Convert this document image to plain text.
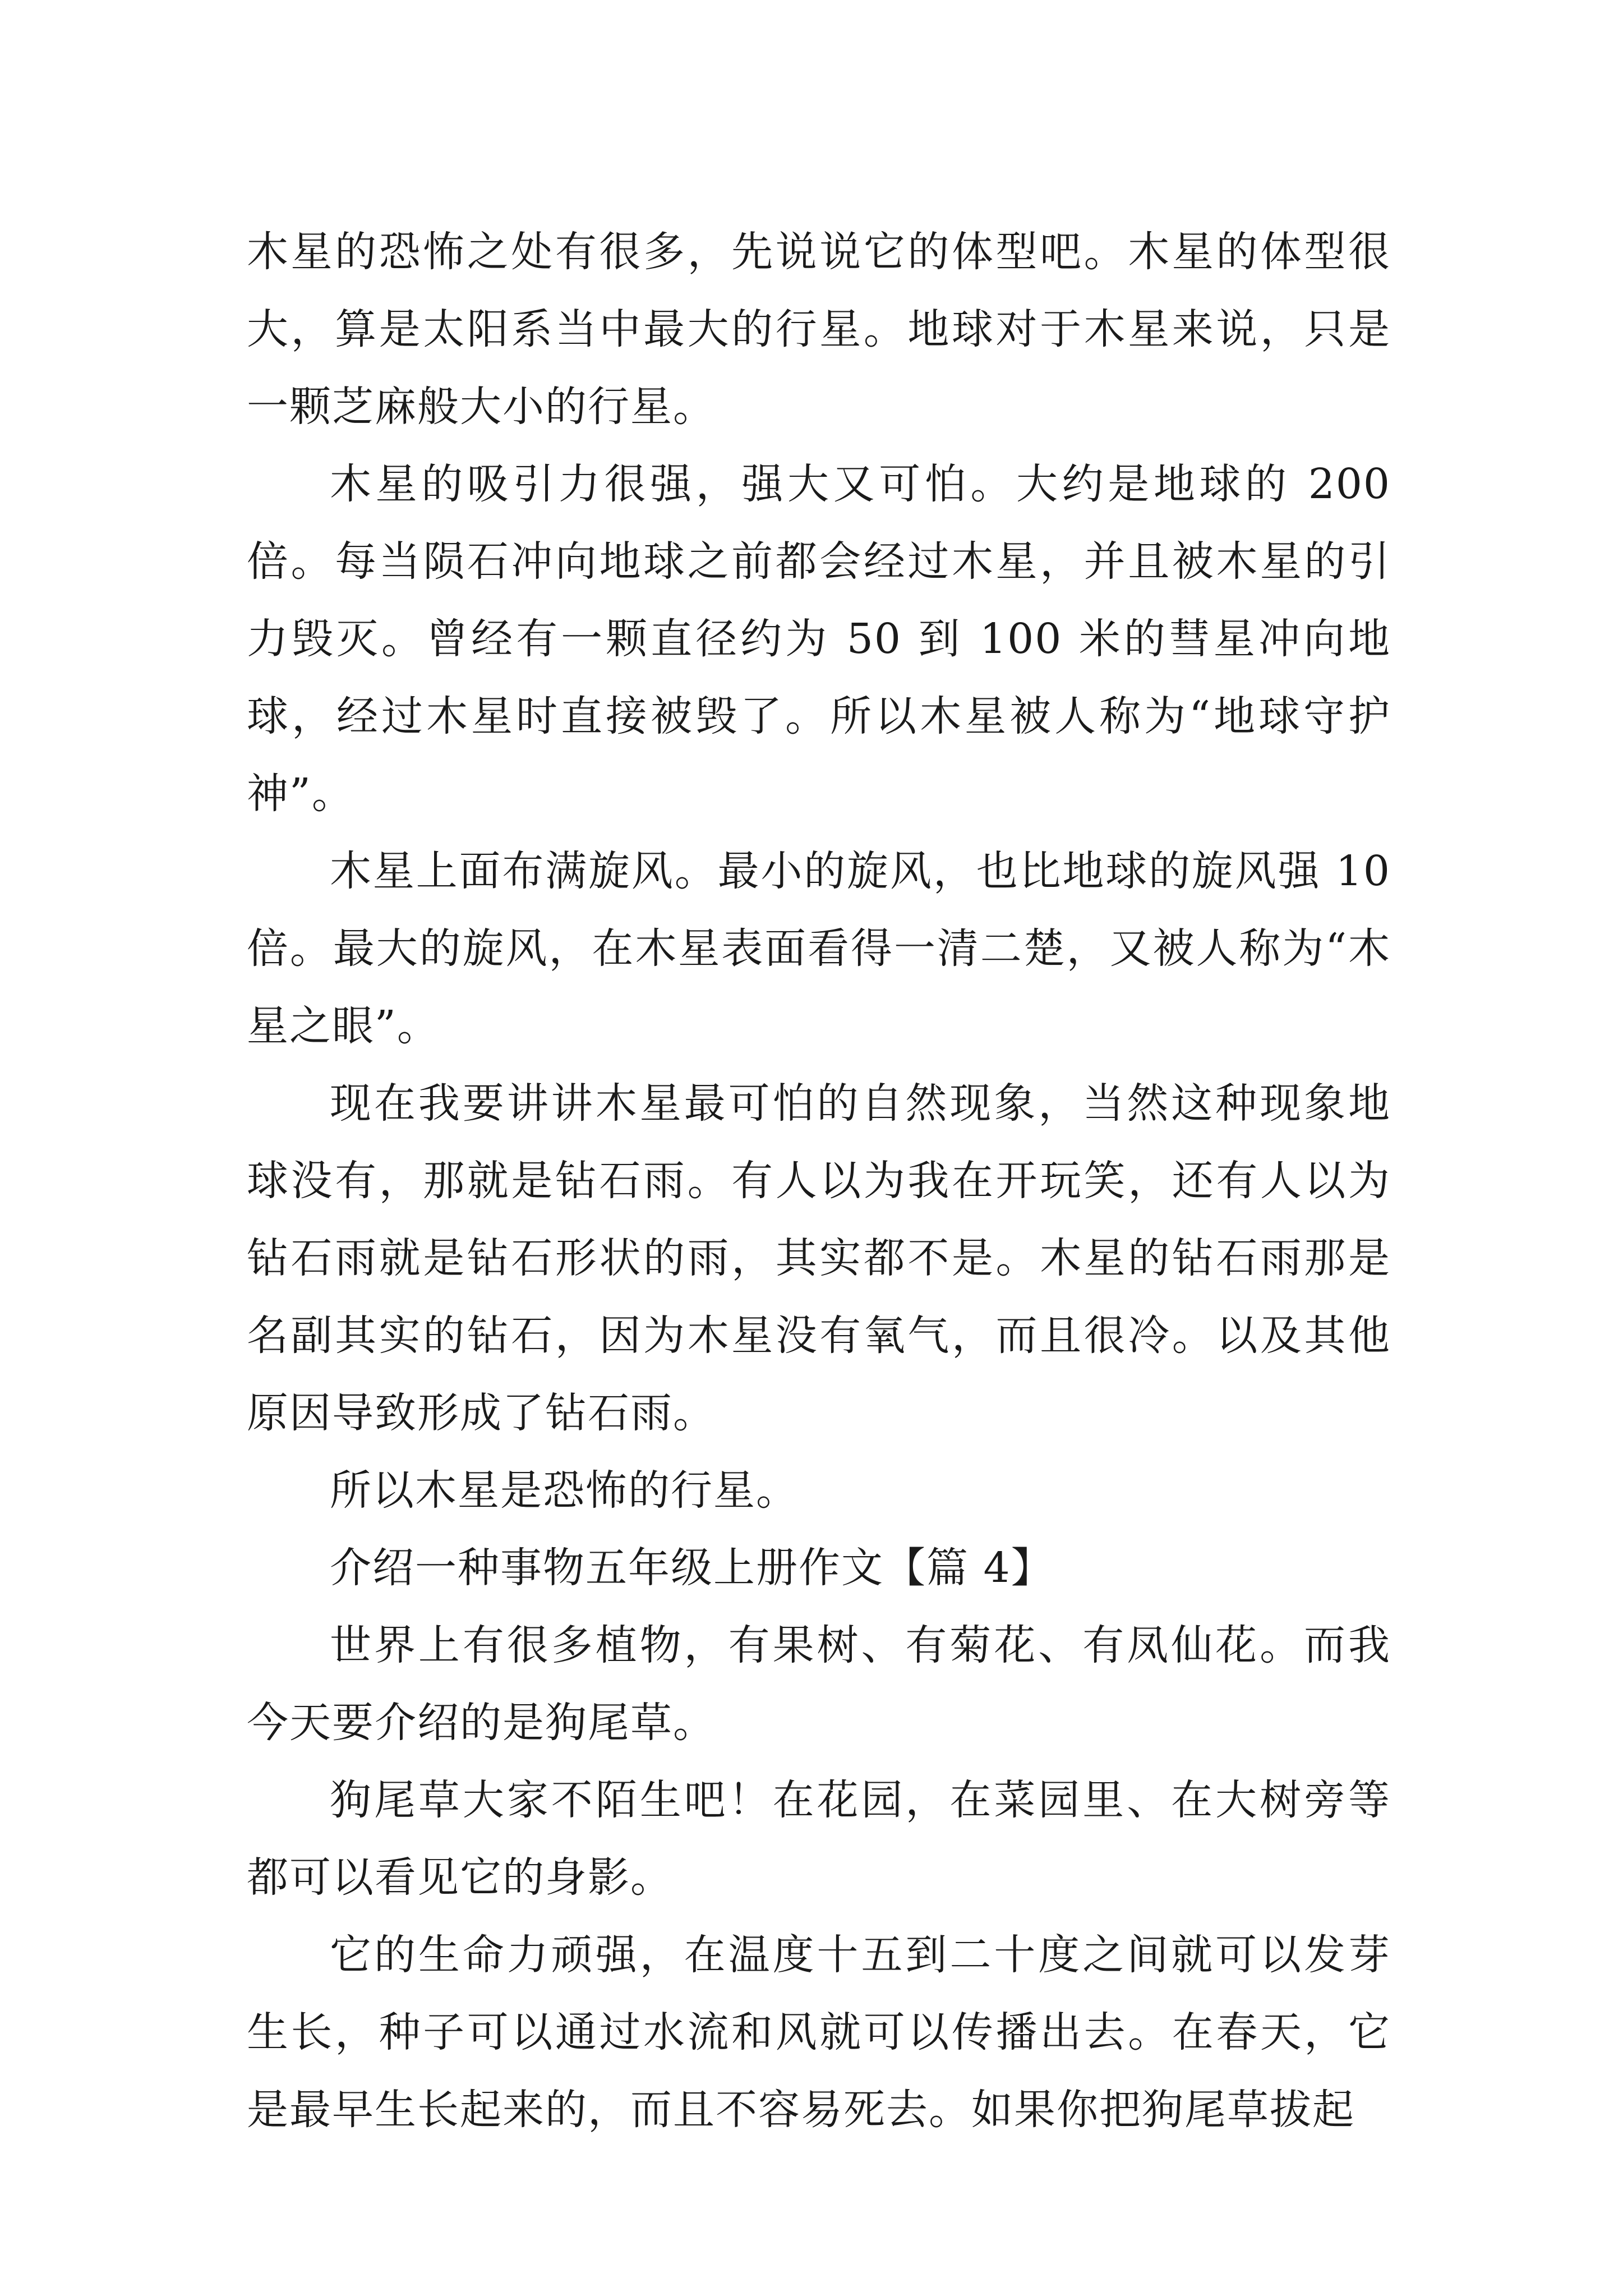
木星的恐怖之处有很多，先说说它的体型吧。木星的体型很大，算是太阳系当中最大的行星。地球对于木星来说，只是一颗芝麻般大小的行星。

木星的吸引力很强，强大又可怕。大约是地球的 200 倍。每当陨石冲向地球之前都会经过木星，并且被木星的引力毁灭。曾经有一颗直径约为 50 到 100 米的彗星冲向地球，经过木星时直接被毁了。所以木星被人称为“地球守护神”。

木星上面布满旋风。最小的旋风，也比地球的旋风强 10 倍。最大的旋风，在木星表面看得一清二楚，又被人称为“木星之眼”。

现在我要讲讲木星最可怕的自然现象，当然这种现象地球没有，那就是钻石雨。有人以为我在开玩笑，还有人以为钻石雨就是钻石形状的雨，其实都不是。木星的钻石雨那是名副其实的钻石，因为木星没有氧气，而且很冷。以及其他原因导致形成了钻石雨。

所以木星是恐怖的行星。

介绍一种事物五年级上册作文【篇 4】

世界上有很多植物，有果树、有菊花、有凤仙花。而我今天要介绍的是狗尾草。

狗尾草大家不陌生吧！在花园，在菜园里、在大树旁等都可以看见它的身影。

它的生命力顽强，在温度十五到二十度之间就可以发芽生长，种子可以通过水流和风就可以传播出去。在春天，它是最早生长起来的，而且不容易死去。如果你把狗尾草拔起
